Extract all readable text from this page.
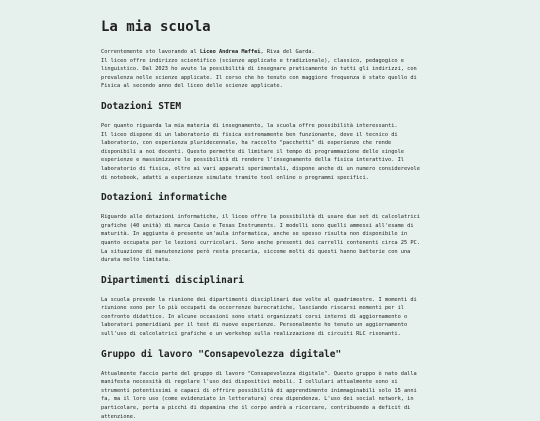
La mia scuola

Correntemente sto lavorando al Liceo Andrea Maffei, Riva del Garda.
Il liceo offre indirizzo scientifico (scienze applicate e tradizionale), classico, pedagogico e
linguistico. Dal 2023 ho avuto la possibilità di insegnare praticamente in tutti gli indirizzi, con
prevalenza nelle scienze applicate. Il corso che ho tenuto con maggiore frequenza è stato quello di
Fisica al secondo anno del liceo delle scienze applicate.

Dotazioni STEM

Per quanto riguarda la mia materia di insegnamento, la scuola offre possibilità interessanti.
Il liceo dispone di un laboratorio di fisica estremamente ben funzionante, dove il tecnico di
laboratorio, con esperienza pluridecennale, ha raccolto "pacchetti" di esperienze che rende
disponibili a noi docenti. Questo permette di limitare il tempo di programmazione delle singole
esperienze e massimizzare le possibilità di rendere l'insegnamento della fisica interattivo. Il
laboratorio di fisica, oltre ai vari apparati sperimentali, dispone anche di un numero considerevole
di notebook, adatti a esperienze simulate tramite tool online o programmi specifici.

Dotazioni informatiche

Riguardo alle dotazioni informatiche, il liceo offre la possibilità di usare due set di calcolatrici
grafiche (40 unità) di marca Casio e Texas Instruments. I modelli sono quelli ammessi all'esame di
maturità. In aggiunta è presente un'aula informatica, anche se spesso risulta non disponibile in
quanto occupata per le lezioni curricolari. Sono anche presenti dei carrelli contenenti circa 25 PC.
La situazione di manutenzione però resta precaria, siccome molti di questi hanno batterie con una
durata molto limitata.

Dipartimenti disciplinari

La scuola prevede la riunione dei dipartimenti disciplinari due volte al quadrimestre. I momenti di
riunione sono per lo più occupati da occorrenze burocratiche, lasciando riscarsi momenti per il
confronto didattico. In alcune occasioni sono stati organizzati corsi interni di aggiornamento o
laboratori pomeridiani per il test di nuove esperienze. Personalmente ho tenuto un aggiornamento
sull'uso di calcolatrici grafiche e un workshop sulla realizzazione di circuiti RLC risonanti.

Gruppo di lavoro "Consapevolezza digitale"

Attualmente faccio parte del gruppo di lavoro "Consapevolezza digitale". Questo gruppo è nato dalla
manifesta necessità di regolare l'uso dei dispositivi mobili. I cellulari attualmente sono si
strumenti potentissimi e capaci di offrire possibilità di apprendimento inimmaginabili solo 15 anni
fa, ma il loro uso (come evidenziato in letteratura) crea dipendenza. L'uso dei social network, in
particolare, porta a picchi di dopamina che il corpo andrà a ricercare, contribuendo a deficit di
attenzione.
